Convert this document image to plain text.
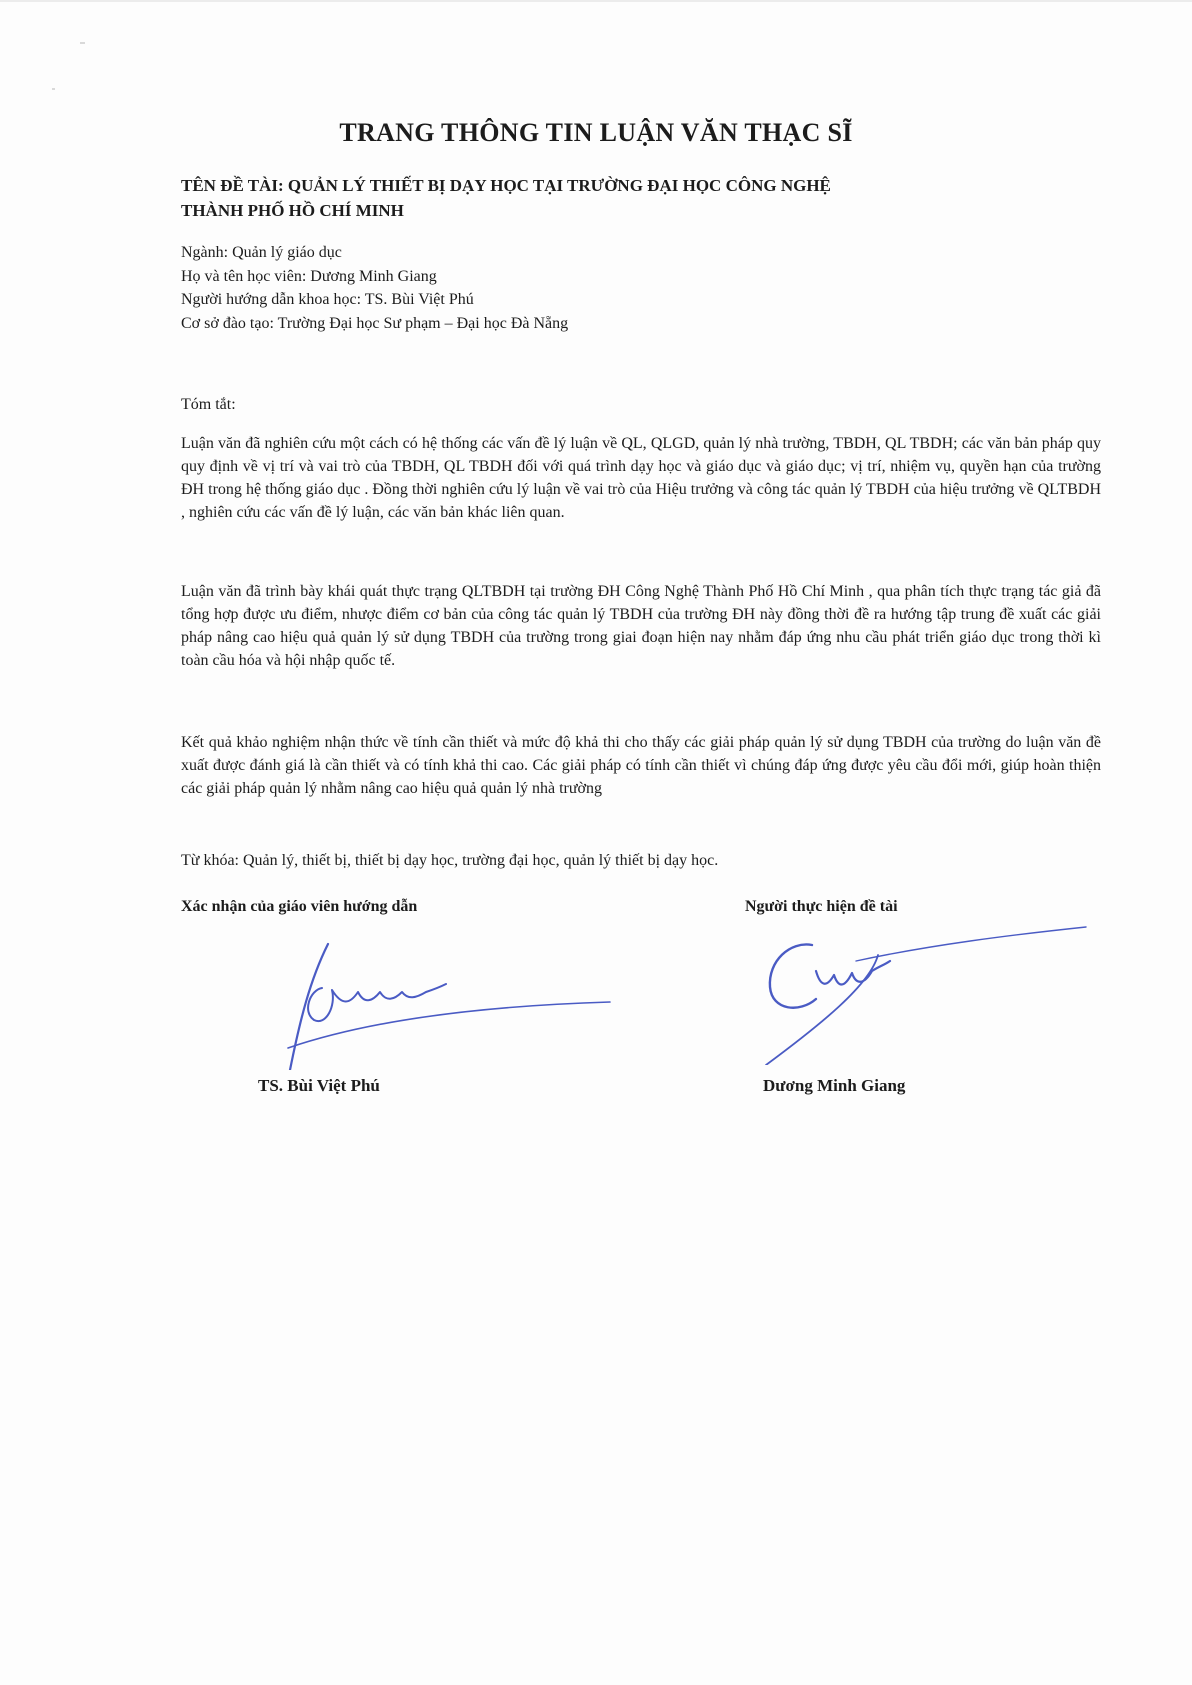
TRANG THÔNG TIN LUẬN VĂN THẠC SĨ
TÊN ĐỀ TÀI: QUẢN LÝ THIẾT BỊ DẠY HỌC TẠI TRƯỜNG ĐẠI HỌC CÔNG NGHỆ
THÀNH PHỐ HỒ CHÍ MINH
Ngành: Quản lý giáo dục
Họ và tên học viên: Dương Minh Giang
Người hướng dẫn khoa học: TS. Bùi Việt Phú
Cơ sở đào tạo: Trường Đại học Sư phạm – Đại học Đà Nẵng
Tóm tắt:

Luận văn đã nghiên cứu một cách có hệ thống các vấn đề lý luận về QL, QLGD, quản lý nhà trường, TBDH, QL TBDH; các văn bản pháp quy quy định về vị trí và vai trò của TBDH, QL TBDH đối với quá trình dạy học và giáo dục và giáo dục; vị trí, nhiệm vụ, quyền hạn của trường ĐH trong hệ thống giáo dục . Đồng thời nghiên cứu lý luận về vai trò của Hiệu trưởng và công tác quản lý TBDH của hiệu trưởng về QLTBDH , nghiên cứu các vấn đề lý luận, các văn bản khác liên quan.

Luận văn đã trình bày khái quát thực trạng QLTBDH tại trường ĐH Công Nghệ Thành Phố Hồ Chí Minh , qua phân tích thực trạng tác giả đã tổng hợp được ưu điểm, nhược điểm cơ bản của công tác quản lý TBDH của trường ĐH này đồng thời đề ra hướng tập trung đề xuất các giải pháp nâng cao hiệu quả quản lý sử dụng TBDH của trường trong giai đoạn hiện nay nhằm đáp ứng nhu cầu phát triển giáo dục trong thời kì toàn cầu hóa và hội nhập quốc tế.

Kết quả khảo nghiệm nhận thức về tính cần thiết và mức độ khả thi cho thấy các giải pháp quản lý sử dụng TBDH của trường do luận văn đề xuất được đánh giá là cần thiết và có tính khả thi cao. Các giải pháp có tính cần thiết vì chúng đáp ứng được yêu cầu đổi mới, giúp hoàn thiện các giải pháp quản lý nhằm nâng cao hiệu quả quản lý nhà trường

Từ khóa: Quản lý, thiết bị, thiết bị dạy học, trường đại học, quản lý thiết bị dạy học.
Xác nhận của giáo viên hướng dẫn	Người thực hiện đề tài
TS. Bùi Việt Phú	Dương Minh Giang
